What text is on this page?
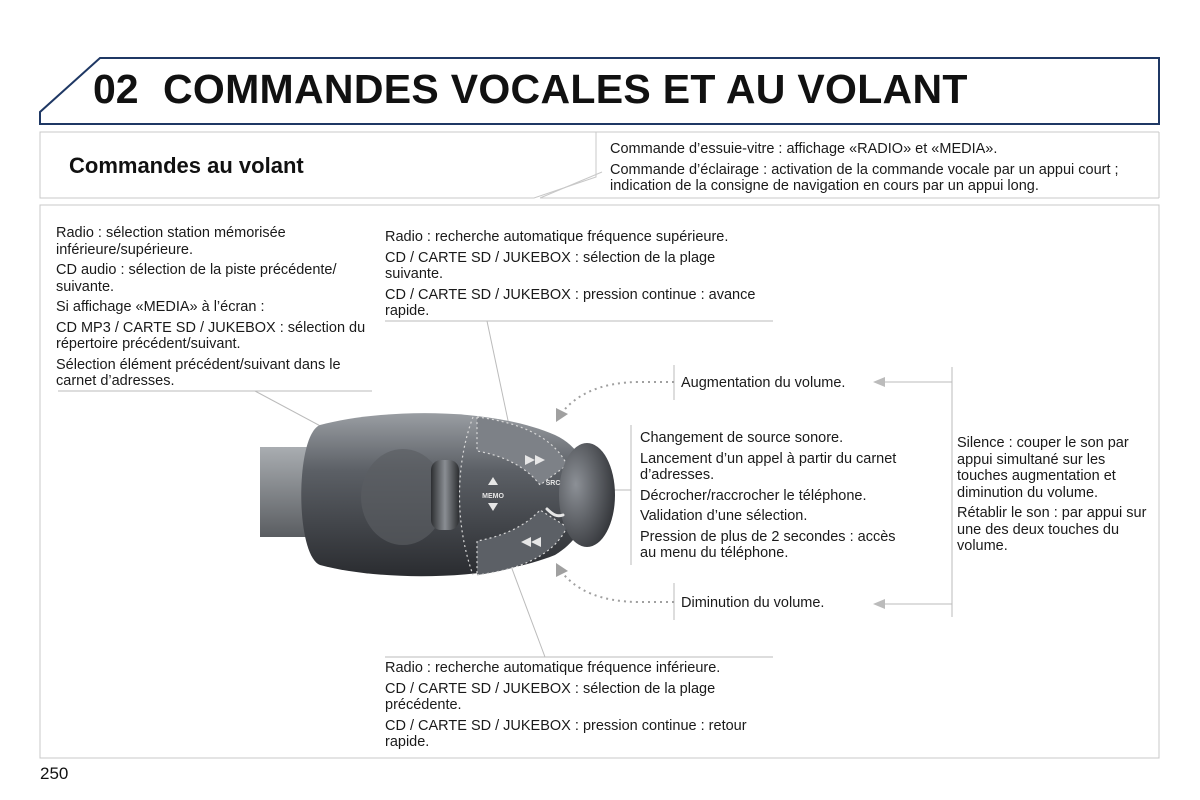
02 COMMANDES VOCALES ET AU VOLANT
Commandes au volant

Commande d’essuie-vitre : affichage «RADIO» et «MEDIA».

Commande d’éclairage : activation de la commande vocale par un appui court ; indication de la consigne de navigation en cours par un appui long.

MEMO
SRC

Radio : sélection station mémorisée inférieure/supérieure.

CD audio : sélection de la piste précédente/ suivante.

Si affichage «MEDIA» à l’écran :

CD MP3 / CARTE SD / JUKEBOX : sélection du répertoire précédent/suivant.

Sélection élément précédent/suivant dans le carnet d’adresses.

Radio : recherche automatique fréquence supérieure.

CD / CARTE SD / JUKEBOX : sélection de la plage suivante.

CD / CARTE SD / JUKEBOX : pression continue : avance rapide.

Augmentation du volume.

Changement de source sonore.

Lancement d’un appel à partir du carnet d’adresses.

Décrocher/raccrocher le téléphone.

Validation d’une sélection.

Pression de plus de 2 secondes : accès au menu du téléphone.

Silence : couper le son par appui simultané sur les touches augmentation et diminution du volume.

Rétablir le son : par appui sur une des deux touches du volume.

Diminution du volume.

Radio : recherche automatique fréquence inférieure.

CD / CARTE SD / JUKEBOX : sélection de la plage précédente.

CD / CARTE SD / JUKEBOX : pression continue : retour rapide.

250
